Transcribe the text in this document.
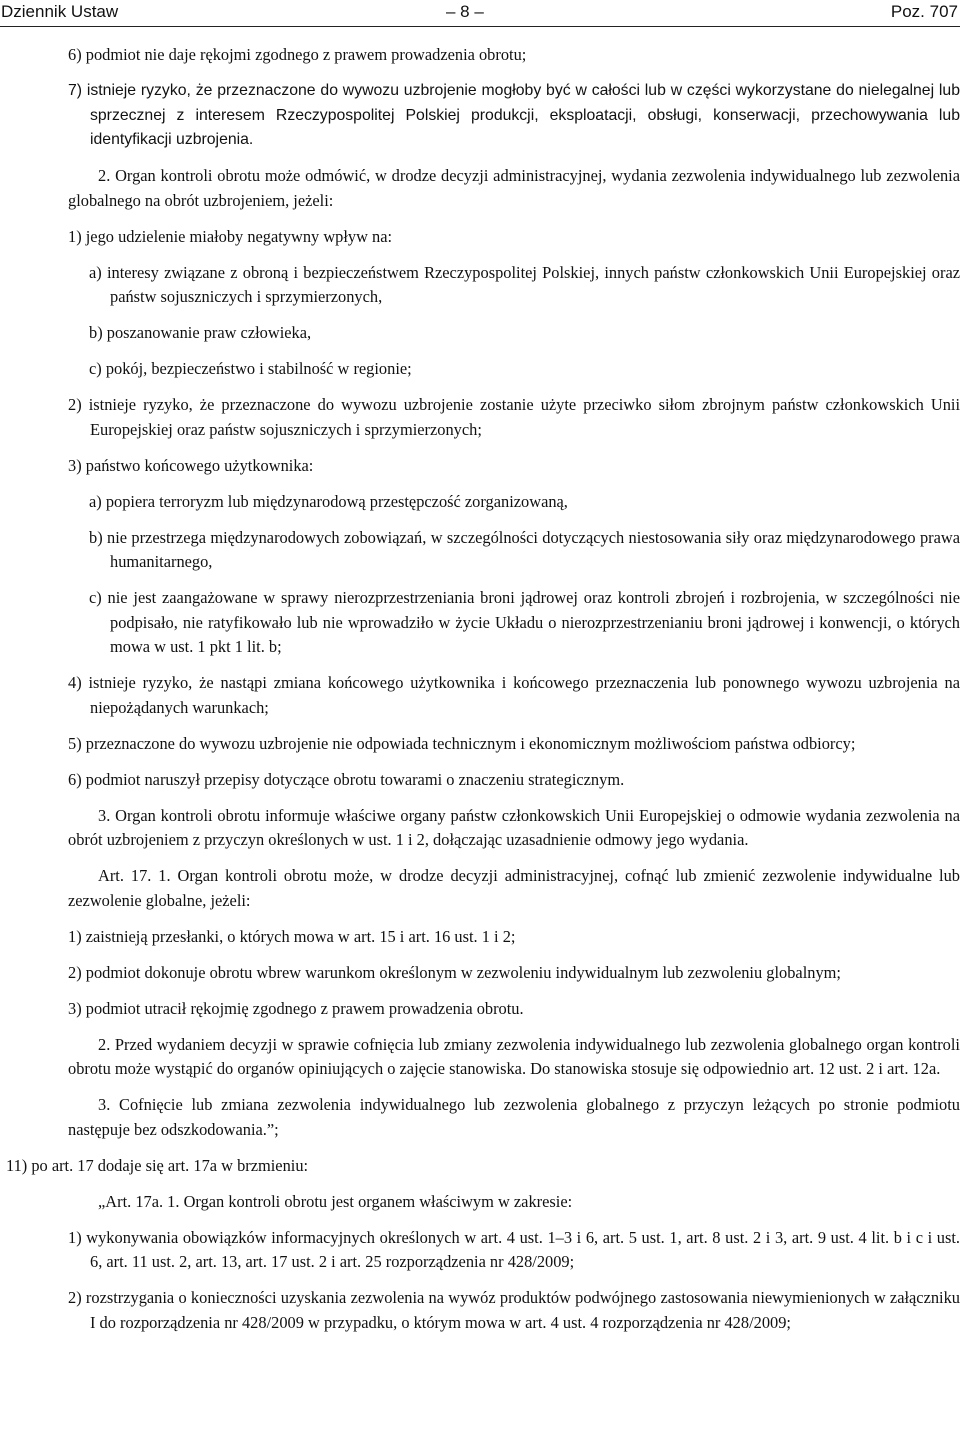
Dziennik Ustaw	– 8 –	Poz. 707

6) podmiot nie daje rękojmi zgodnego z prawem prowadzenia obrotu;

7) istnieje ryzyko, że przeznaczone do wywozu uzbrojenie mogłoby być w całości lub w części wykorzystane do nielegalnej lub sprzecznej z interesem Rzeczypospolitej Polskiej produkcji, eksploatacji, obsługi, konserwacji, przechowywania lub identyfikacji uzbrojenia.

2. Organ kontroli obrotu może odmówić, w drodze decyzji administracyjnej, wydania zezwolenia indywidualnego lub zezwolenia globalnego na obrót uzbrojeniem, jeżeli:

1) jego udzielenie miałoby negatywny wpływ na:

a) interesy związane z obroną i bezpieczeństwem Rzeczypospolitej Polskiej, innych państw członkowskich Unii Europejskiej oraz państw sojuszniczych i sprzymierzonych,

b) poszanowanie praw człowieka,

c) pokój, bezpieczeństwo i stabilność w regionie;

2) istnieje ryzyko, że przeznaczone do wywozu uzbrojenie zostanie użyte przeciwko siłom zbrojnym państw członkowskich Unii Europejskiej oraz państw sojuszniczych i sprzymierzonych;

3) państwo końcowego użytkownika:

a) popiera terroryzm lub międzynarodową przestępczość zorganizowaną,

b) nie przestrzega międzynarodowych zobowiązań, w szczególności dotyczących niestosowania siły oraz międzynarodowego prawa humanitarnego,

c) nie jest zaangażowane w sprawy nierozprzestrzeniania broni jądrowej oraz kontroli zbrojeń i rozbrojenia, w szczególności nie podpisało, nie ratyfikowało lub nie wprowadziło w życie Układu o nierozprzestrzenianiu broni jądrowej i konwencji, o których mowa w ust. 1 pkt 1 lit. b;

4) istnieje ryzyko, że nastąpi zmiana końcowego użytkownika i końcowego przeznaczenia lub ponownego wywozu uzbrojenia na niepożądanych warunkach;

5) przeznaczone do wywozu uzbrojenie nie odpowiada technicznym i ekonomicznym możliwościom państwa odbiorcy;

6) podmiot naruszył przepisy dotyczące obrotu towarami o znaczeniu strategicznym.

3. Organ kontroli obrotu informuje właściwe organy państw członkowskich Unii Europejskiej o odmowie wydania zezwolenia na obrót uzbrojeniem z przyczyn określonych w ust. 1 i 2, dołączając uzasadnienie odmowy jego wydania.

Art. 17. 1. Organ kontroli obrotu może, w drodze decyzji administracyjnej, cofnąć lub zmienić zezwolenie indywidualne lub zezwolenie globalne, jeżeli:

1) zaistnieją przesłanki, o których mowa w art. 15 i art. 16 ust. 1 i 2;

2) podmiot dokonuje obrotu wbrew warunkom określonym w zezwoleniu indywidualnym lub zezwoleniu globalnym;

3) podmiot utracił rękojmię zgodnego z prawem prowadzenia obrotu.

2. Przed wydaniem decyzji w sprawie cofnięcia lub zmiany zezwolenia indywidualnego lub zezwolenia globalnego organ kontroli obrotu może wystąpić do organów opiniujących o zajęcie stanowiska. Do stanowiska stosuje się odpowiednio art. 12 ust. 2 i art. 12a.

3. Cofnięcie lub zmiana zezwolenia indywidualnego lub zezwolenia globalnego z przyczyn leżących po stronie podmiotu następuje bez odszkodowania.”;

11) po art. 17 dodaje się art. 17a w brzmieniu:

„Art. 17a. 1. Organ kontroli obrotu jest organem właściwym w zakresie:

1) wykonywania obowiązków informacyjnych określonych w art. 4 ust. 1–3 i 6, art. 5 ust. 1, art. 8 ust. 2 i 3, art. 9 ust. 4 lit. b i c i ust. 6, art. 11 ust. 2, art. 13, art. 17 ust. 2 i art. 25 rozporządzenia nr 428/2009;

2) rozstrzygania o konieczności uzyskania zezwolenia na wywóz produktów podwójnego zastosowania niewymienionych w załączniku I do rozporządzenia nr 428/2009 w przypadku, o którym mowa w art. 4 ust. 4 rozporządzenia nr 428/2009;
